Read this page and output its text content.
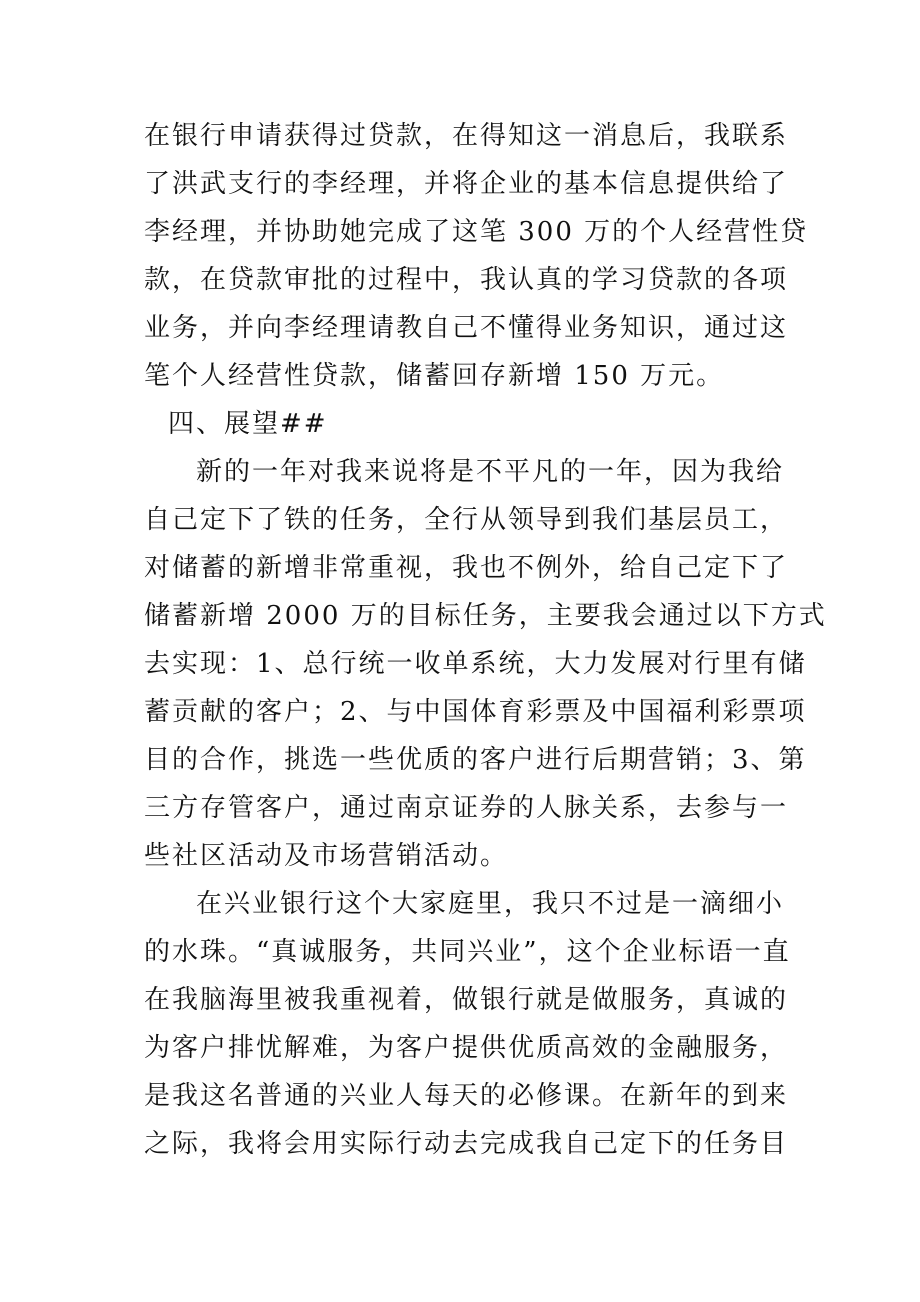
在银行申请获得过贷款，在得知这一消息后，我联系
了洪武支行的李经理，并将企业的基本信息提供给了
李经理，并协助她完成了这笔 300 万的个人经营性贷
款，在贷款审批的过程中，我认真的学习贷款的各项
业务，并向李经理请教自己不懂得业务知识，通过这
笔个人经营性贷款，储蓄回存新增 150 万元。
四、展望##
新的一年对我来说将是不平凡的一年，因为我给
自己定下了铁的任务，全行从领导到我们基层员工，
对储蓄的新增非常重视，我也不例外，给自己定下了
储蓄新增 2000 万的目标任务，主要我会通过以下方式
去实现：1、总行统一收单系统，大力发展对行里有储
蓄贡献的客户；2、与中国体育彩票及中国福利彩票项
目的合作，挑选一些优质的客户进行后期营销；3、第
三方存管客户，通过南京证券的人脉关系，去参与一
些社区活动及市场营销活动。
在兴业银行这个大家庭里，我只不过是一滴细小
的水珠。“真诚服务，共同兴业”，这个企业标语一直
在我脑海里被我重视着，做银行就是做服务，真诚的
为客户排忧解难，为客户提供优质高效的金融服务，
是我这名普通的兴业人每天的必修课。在新年的到来
之际，我将会用实际行动去完成我自己定下的任务目
